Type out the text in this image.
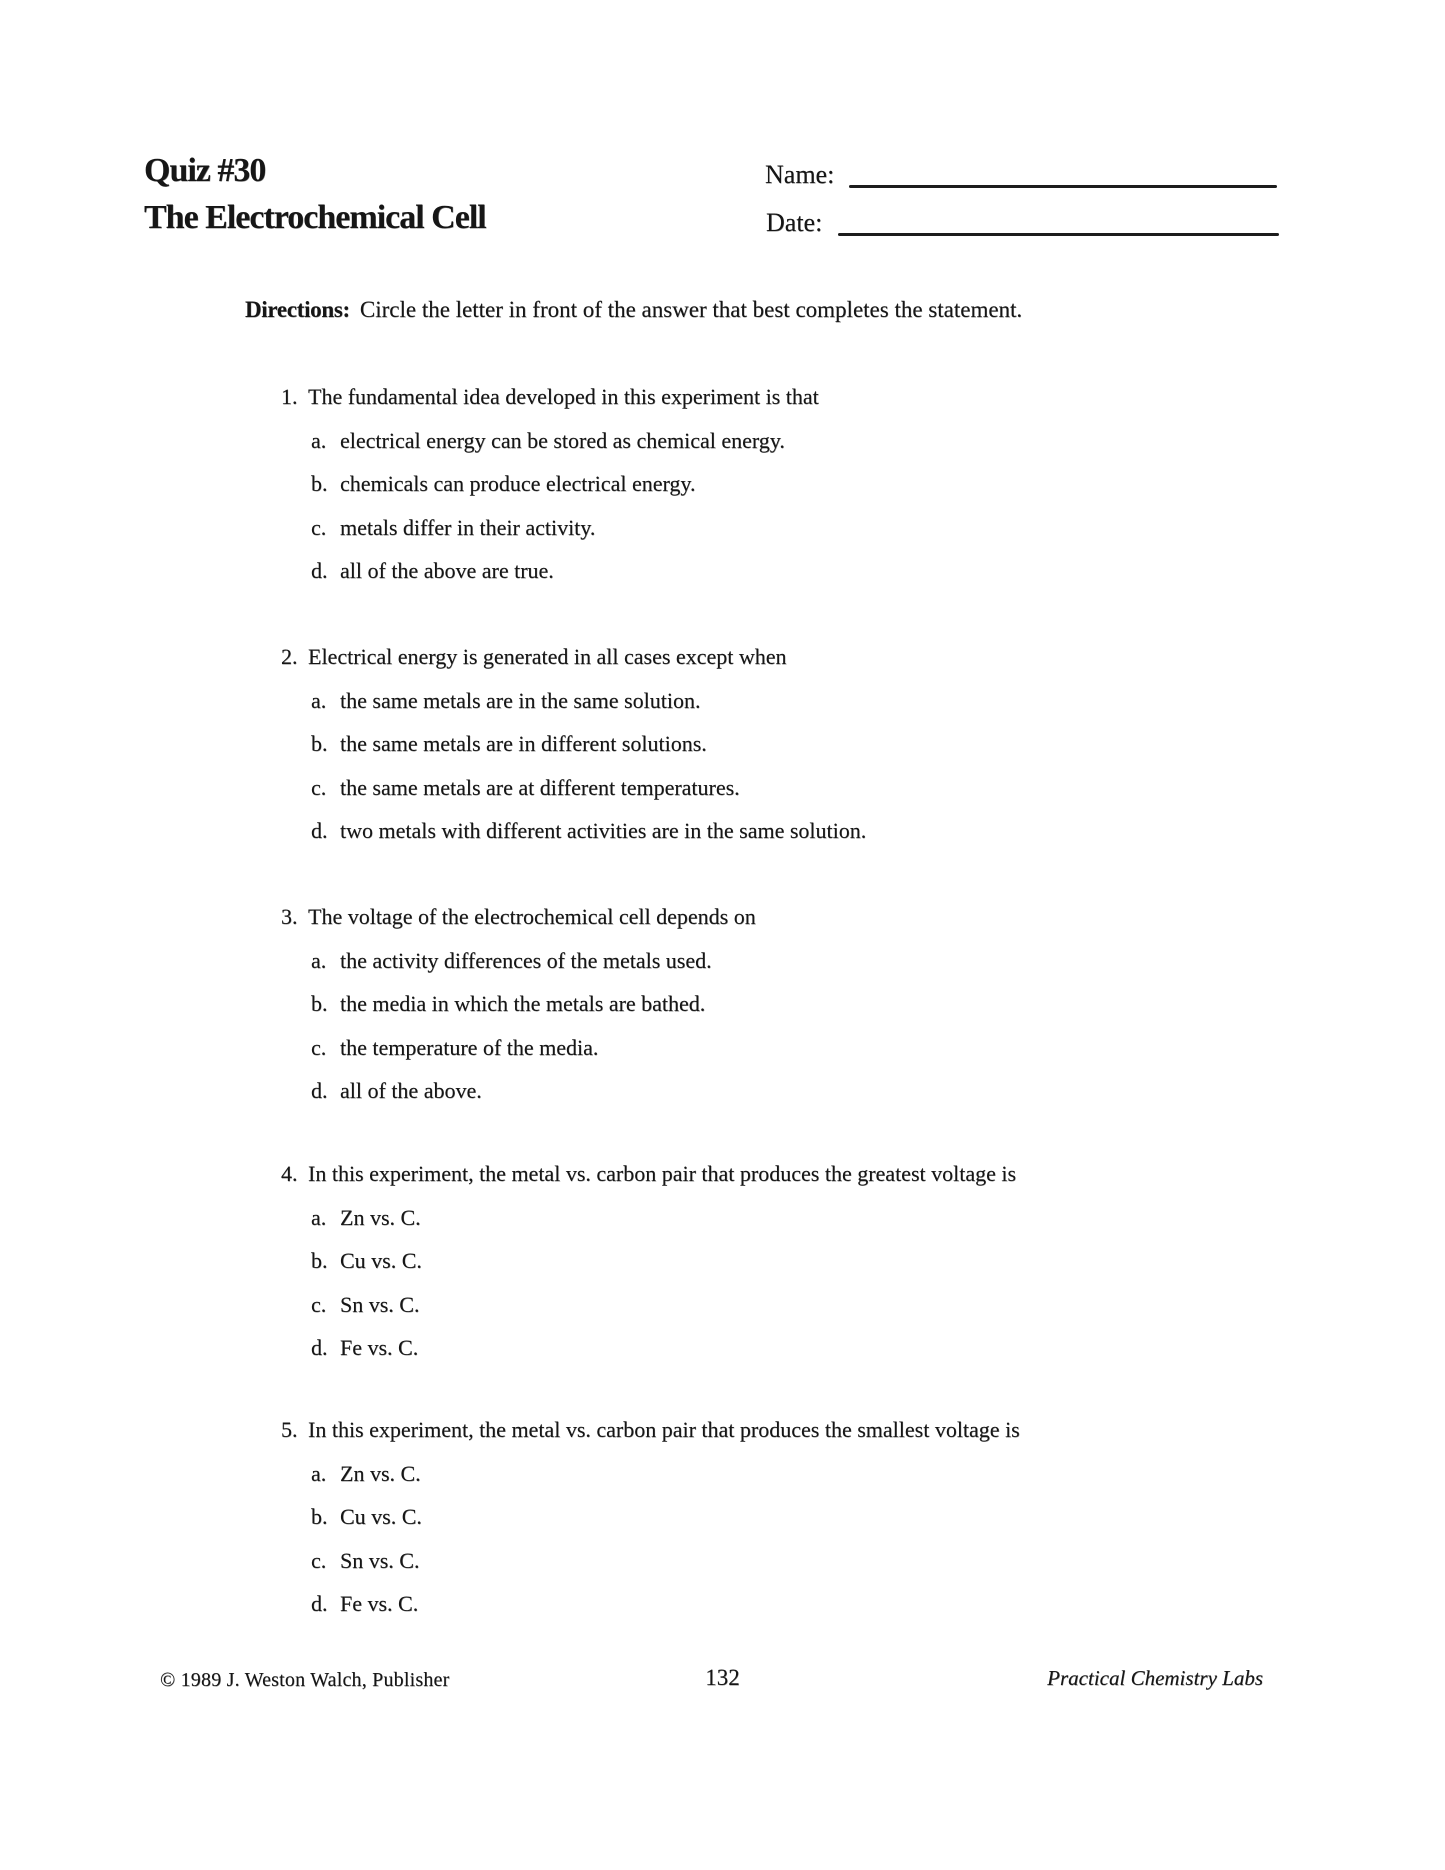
Quiz #30
The Electrochemical Cell
Name:
Date:
Directions: Circle the letter in front of the answer that best completes the statement.
1. The fundamental idea developed in this experiment is that
a. electrical energy can be stored as chemical energy.
b. chemicals can produce electrical energy.
c. metals differ in their activity.
d. all of the above are true.
2. Electrical energy is generated in all cases except when
a. the same metals are in the same solution.
b. the same metals are in different solutions.
c. the same metals are at different temperatures.
d. two metals with different activities are in the same solution.
3. The voltage of the electrochemical cell depends on
a. the activity differences of the metals used.
b. the media in which the metals are bathed.
c. the temperature of the media.
d. all of the above.
4. In this experiment, the metal vs. carbon pair that produces the greatest voltage is
a. Zn vs. C.
b. Cu vs. C.
c. Sn vs. C.
d. Fe vs. C.
5. In this experiment, the metal vs. carbon pair that produces the smallest voltage is
a. Zn vs. C.
b. Cu vs. C.
c. Sn vs. C.
d. Fe vs. C.
© 1989 J. Weston Walch, Publisher	132	Practical Chemistry Labs
